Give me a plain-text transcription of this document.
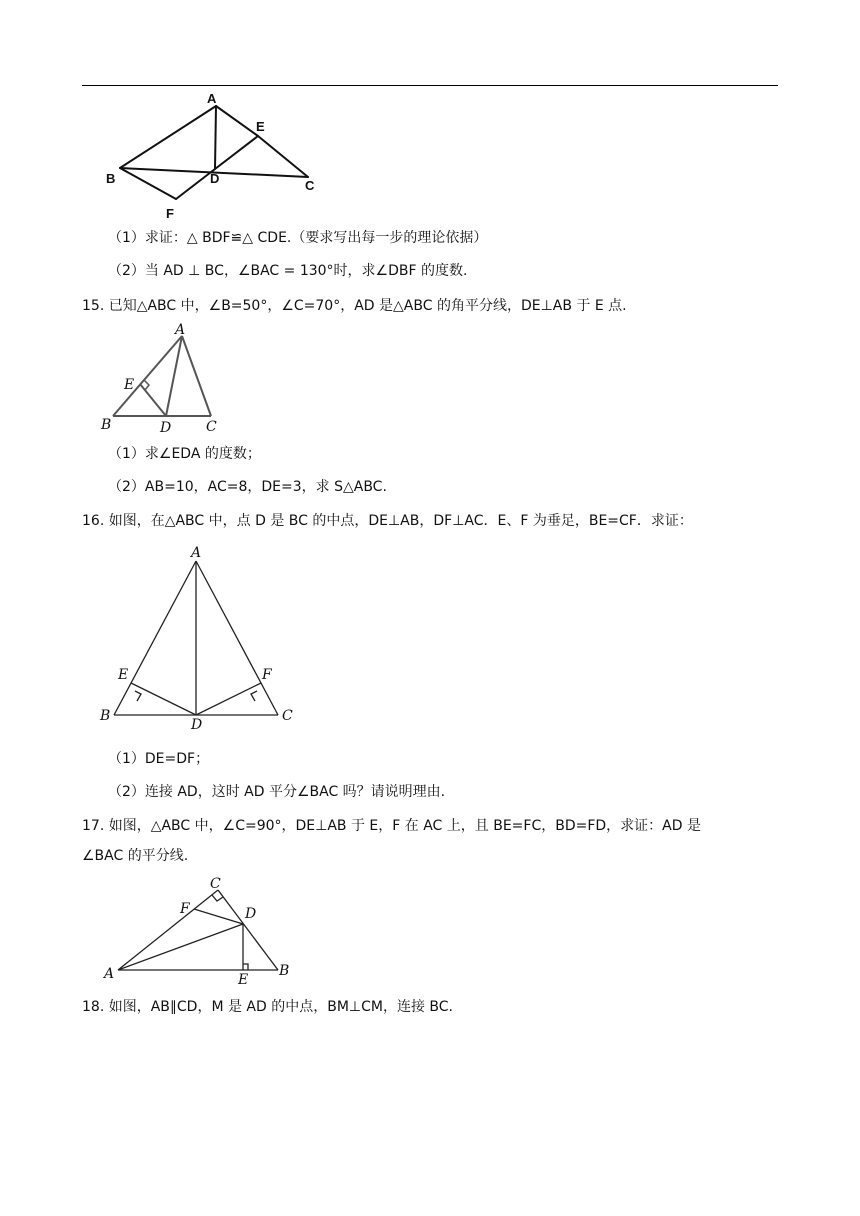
A
E
B	D	C
F
（1）求证：△ BDF≌△ CDE.（要求写出每一步的理论依据）
（2）当 AD ⊥ BC，∠BAC = 130°时，求∠DBF 的度数.
15. 已知△ABC 中，∠B=50°，∠C=70°，AD 是△ABC 的角平分线，DE⊥AB 于 E 点.
A
E
B	D C
（1）求∠EDA 的度数；
（2）AB=10，AC=8，DE=3，求 S△ABC.
16. 如图，在△ABC 中，点 D 是 BC 的中点，DE⊥AB，DF⊥AC．E、F 为垂足，BE=CF．求证：
A
E	F
B
D
C
（1）DE=DF；
（2）连接 AD，这时 AD 平分∠BAC 吗？请说明理由.
17. 如图，△ABC 中，∠C=90°，DE⊥AB 于 E，F 在 AC 上，且 BE=FC，BD=FD，求证：AD 是
∠BAC 的平分线.
C
F	D
A	E
B
18. 如图，AB∥CD，M 是 AD 的中点，BM⊥CM，连接 BC.
